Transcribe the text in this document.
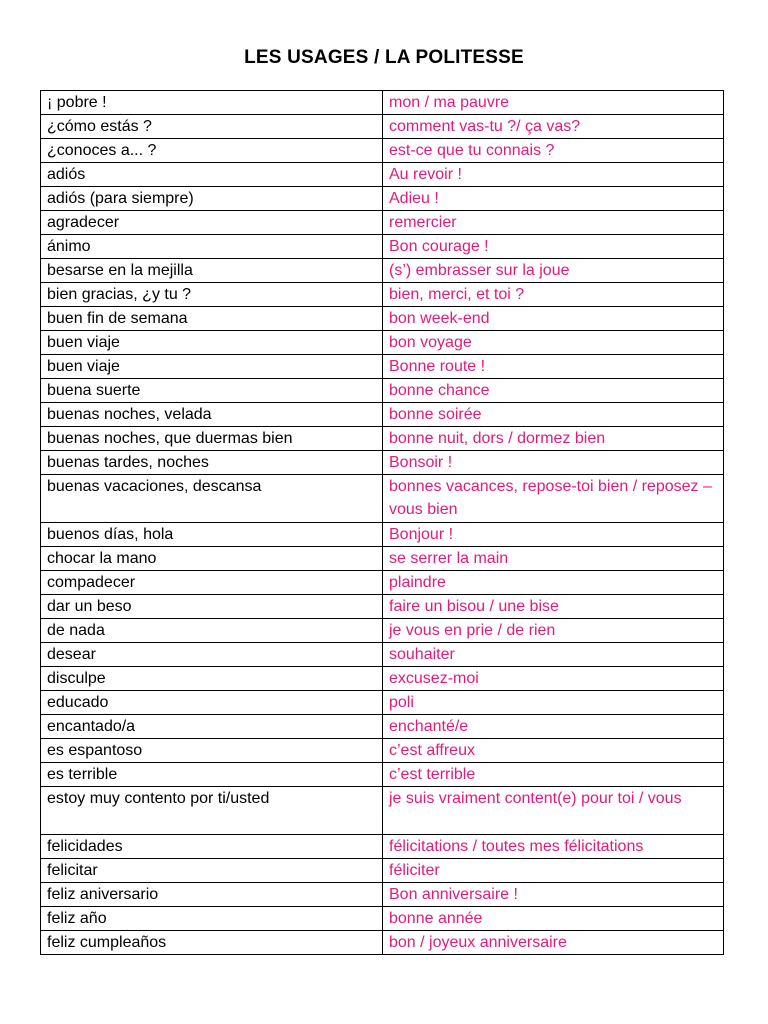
LES USAGES / LA POLITESSE
¡ pobre !	mon / ma pauvre
¿cómo estás ?	comment vas-tu ?/ ça vas?
¿conoces a... ?	est-ce que tu connais ?
adiós	Au revoir !
adiós (para siempre)	Adieu !
agradecer	remercier
ánimo	Bon courage !
besarse en la mejilla	(s’) embrasser sur la joue
bien gracias, ¿y tu ?	bien, merci, et toi ?
buen fin de semana	bon week-end
buen viaje	bon voyage
buen viaje	Bonne route !
buena suerte	bonne chance
buenas noches, velada	bonne soirée
buenas noches, que duermas bien	bonne nuit, dors / dormez bien
buenas tardes, noches	Bonsoir !
buenas vacaciones, descansa	bonnes vacances, repose-toi bien / reposez – vous bien
buenos días, hola	Bonjour !
chocar la mano	se serrer la main
compadecer	plaindre
dar un beso	faire un bisou / une bise
de nada	je vous en prie / de rien
desear	souhaiter
disculpe	excusez-moi
educado	poli
encantado/a	enchanté/e
es espantoso	c’est affreux
es terrible	c’est terrible
estoy muy contento por ti/usted	je suis vraiment content(e) pour toi / vous
felicidades	félicitations / toutes mes félicitations
felicitar	féliciter
feliz aniversario	Bon anniversaire !
feliz año	bonne année
feliz cumpleaños	bon / joyeux anniversaire
